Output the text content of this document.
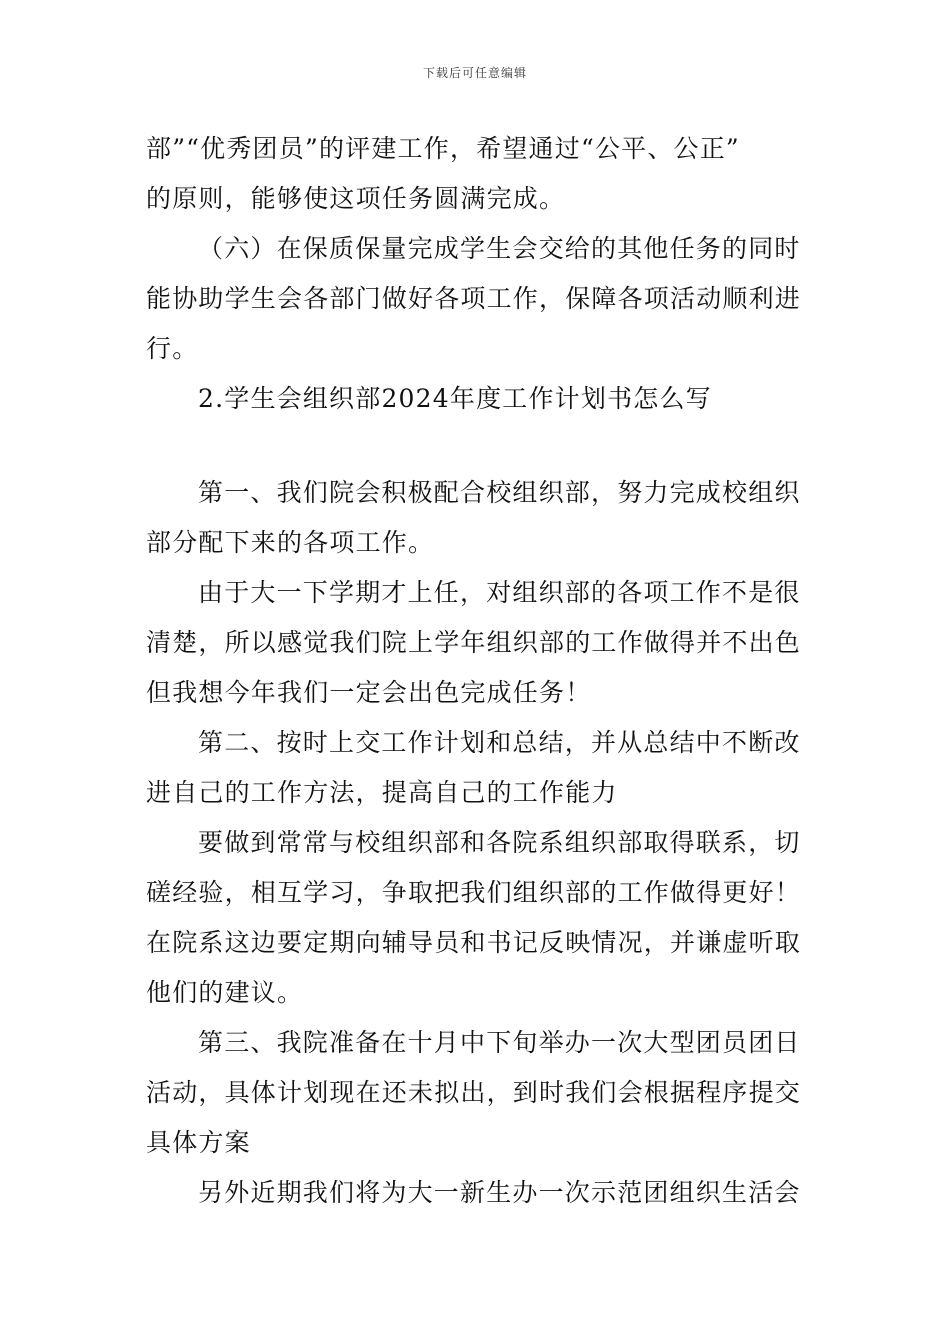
下载后可任意编辑
部”“优秀团员”的评建工作，希望通过“公平、公正”
的原则，能够使这项任务圆满完成。
（六）在保质保量完成学生会交给的其他任务的同时
能协助学生会各部门做好各项工作，保障各项活动顺利进
行。
2.学生会组织部2024年度工作计划书怎么写
第一、我们院会积极配合校组织部，努力完成校组织
部分配下来的各项工作。
由于大一下学期才上任，对组织部的各项工作不是很
清楚，所以感觉我们院上学年组织部的工作做得并不出色
但我想今年我们一定会出色完成任务！
第二、按时上交工作计划和总结，并从总结中不断改
进自己的工作方法，提高自己的工作能力
要做到常常与校组织部和各院系组织部取得联系，切
磋经验，相互学习，争取把我们组织部的工作做得更好！
在院系这边要定期向辅导员和书记反映情况，并谦虚听取
他们的建议。
第三、我院准备在十月中下旬举办一次大型团员团日
活动，具体计划现在还未拟出，到时我们会根据程序提交
具体方案
另外近期我们将为大一新生办一次示范团组织生活会
